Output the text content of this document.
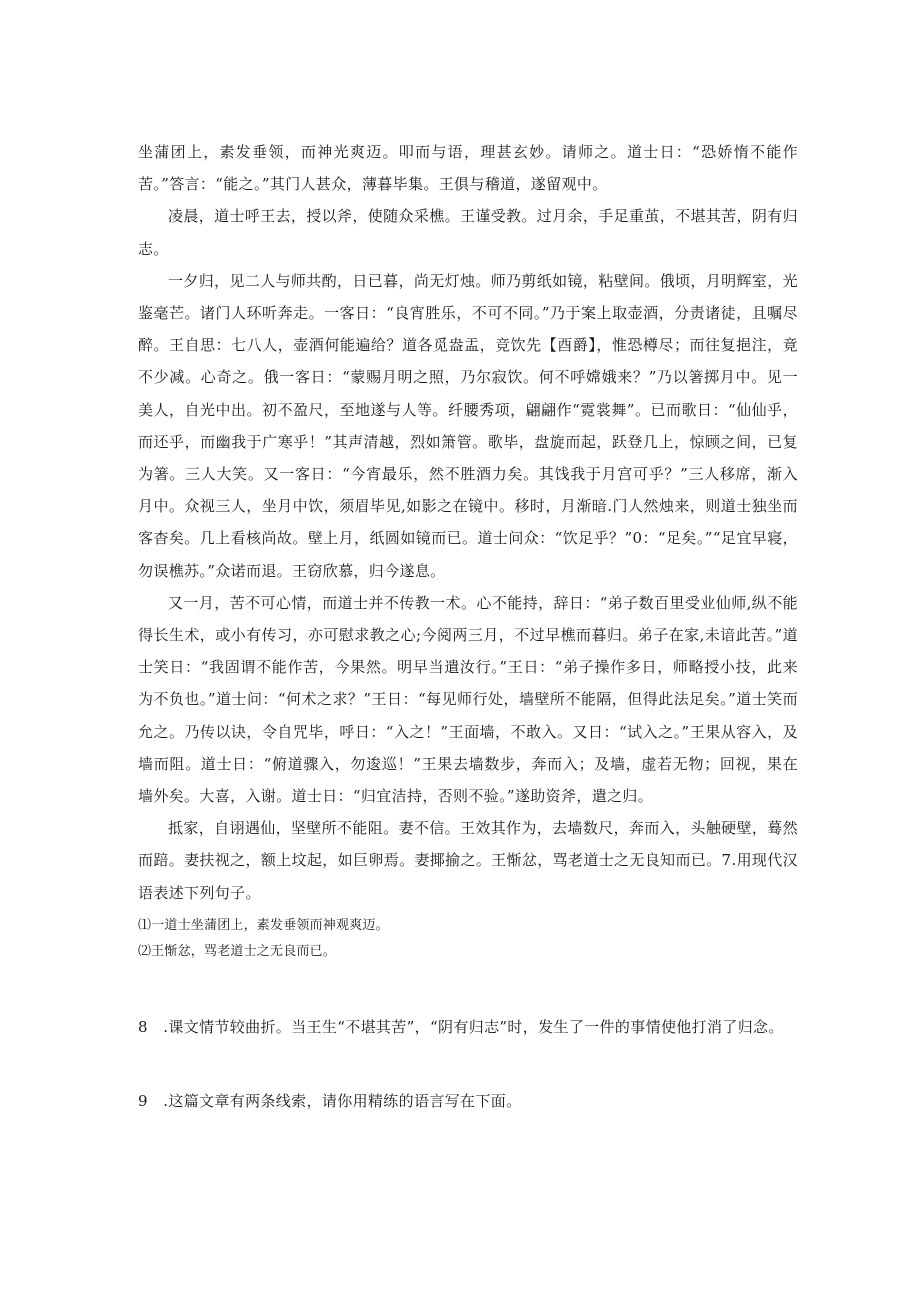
坐蒲团上，素发垂领，而神光爽迈。叩而与语，理甚玄妙。请师之。道士日：“恐娇惰不能作苦。”答言：“能之。”其门人甚众，薄暮毕集。王俱与稽道，遂留观中。

凌晨，道士呼王去，授以斧，使随众采樵。王谨受教。过月余，手足重茧，不堪其苦，阴有归志。

一夕归，见二人与师共酌，日已暮，尚无灯烛。师乃剪纸如镜，粘壁间。俄顷，月明辉室，光鉴毫芒。诸门人环听奔走。一客日：“良宵胜乐，不可不同。”乃于案上取壶酒，分责诸徒，且嘱尽醉。王自思：七八人，壶酒何能遍给？道各觅盎盂，竞饮先【酉爵】，惟恐樽尽；而往复挹注，竟不少减。心奇之。俄一客日：“蒙赐月明之照，乃尔寂饮。何不呼嫦娥来？”乃以箸掷月中。见一美人，自光中出。初不盈尺，至地遂与人等。纤腰秀项，翩翩作“霓裳舞”。已而歌日：“仙仙乎，而还乎，而幽我于广寒乎！”其声清越，烈如箫管。歌毕，盘旋而起，跃登几上，惊顾之间，已复为箸。三人大笑。又一客日：“今宵最乐，然不胜酒力矣。其饯我于月宫可乎？”三人移席，渐入月中。众视三人，坐月中饮，须眉毕见,如影之在镜中。移时，月渐暗.门人然烛来，则道士独坐而客杳矣。几上看核尚故。壁上月，纸圆如镜而已。道士问众：“饮足乎？”0：“足矣。”“足宜早寝，勿误樵苏。”众诺而退。王窃欣慕，归今遂息。

又一月，苦不可心情，而道士并不传教一术。心不能持，辞日：“弟子数百里受业仙师,纵不能得长生术，或小有传习，亦可慰求教之心;今阅两三月，不过早樵而暮归。弟子在家,未谙此苦。”道士笑日：“我固谓不能作苦，今果然。明早当遣汝行。”王日：“弟子操作多日，师略授小技，此来为不负也。”道士问：“何术之求？”王日：“每见师行处，墙壁所不能隔，但得此法足矣。”道士笑而允之。乃传以诀，令自咒毕，呼日：“入之！”王面墙，不敢入。又日：“试入之。”王果从容入，及墙而阻。道士日：“俯道骤入，勿逡巡！”王果去墙数步，奔而入；及墙，虚若无物；回视，果在墙外矣。大喜，入谢。道士日：“归宜洁持，否则不验。”遂助资斧，遣之归。

抵家，自诩遇仙，坚壁所不能阻。妻不信。王效其作为，去墙数尺，奔而入，头触硬壁，蓦然而踣。妻扶视之，额上坟起，如巨卵焉。妻揶揄之。王惭忿，骂老道士之无良知而已。7.用现代汉语表述下列句子。

⑴一道士坐蒲团上，素发垂领而神观爽迈。

⑵王惭忿，骂老道士之无良而已。

8　.课文情节较曲折。当王生“不堪其苦”，“阴有归志”时，发生了一件的事情使他打消了归念。

9　.这篇文章有两条线索，请你用精练的语言写在下面。
